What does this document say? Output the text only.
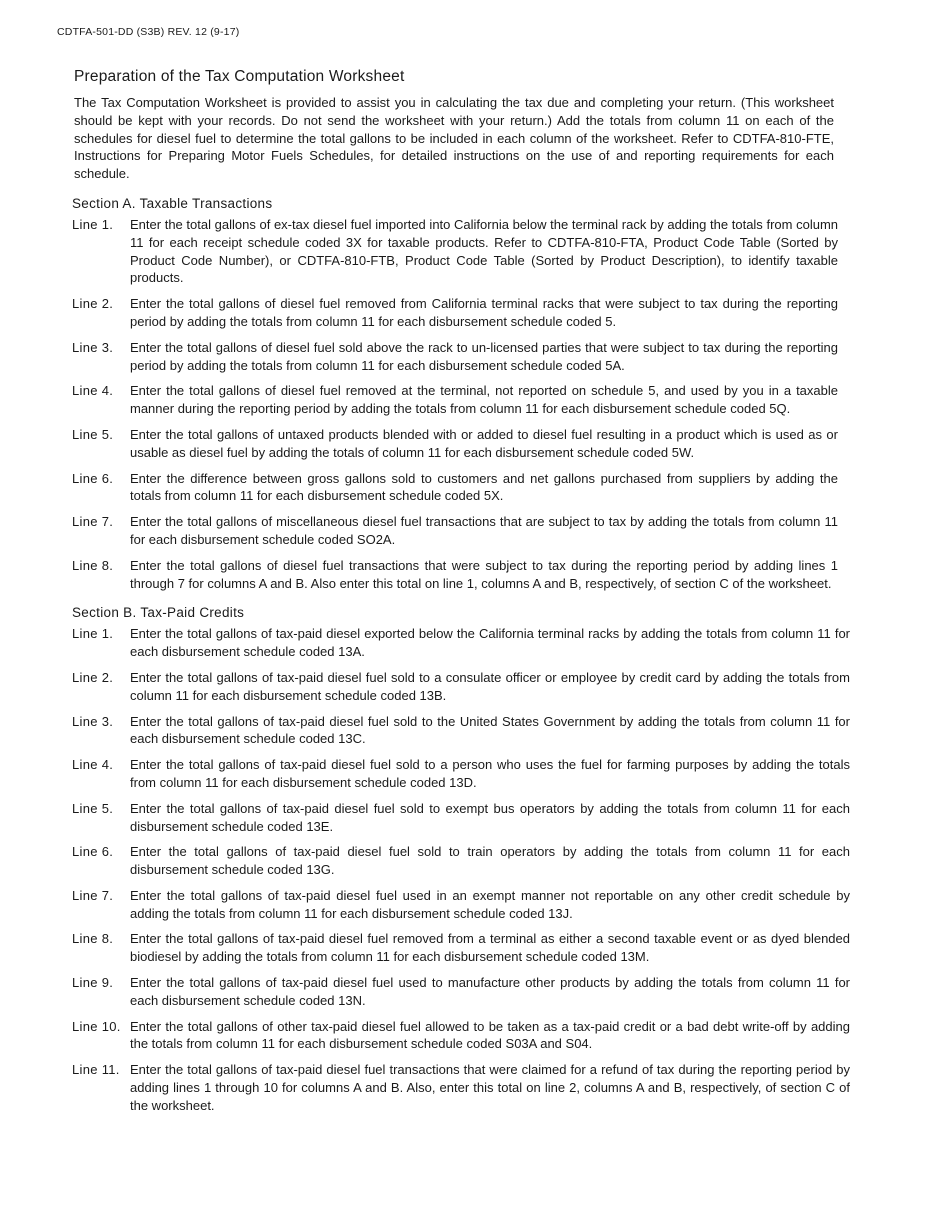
CDTFA-501-DD (S3B) REV. 12 (9-17)
Preparation of the Tax Computation Worksheet

The Tax Computation Worksheet is provided to assist you in calculating the tax due and completing your return. (This worksheet should be kept with your records. Do not send the worksheet with your return.) Add the totals from column 11 on each of the schedules for diesel fuel to determine the total gallons to be included in each column of the worksheet. Refer to CDTFA-810-FTE, Instructions for Preparing Motor Fuels Schedules, for detailed instructions on the use of and reporting requirements for each schedule.

Section A. Taxable Transactions
Line 1.	Enter the total gallons of ex-tax diesel fuel imported into California below the terminal rack by adding the totals from column 11 for each receipt schedule coded 3X for taxable products. Refer to CDTFA-810-FTA, Product Code Table (Sorted by Product Code Number), or CDTFA-810-FTB, Product Code Table (Sorted by Product Description), to identify taxable products.
Line 2.	Enter the total gallons of diesel fuel removed from California terminal racks that were subject to tax during the reporting period by adding the totals from column 11 for each disbursement schedule coded 5.
Line 3.	Enter the total gallons of diesel fuel sold above the rack to un-licensed parties that were subject to tax during the reporting period by adding the totals from column 11 for each disbursement schedule coded 5A.
Line 4.	Enter the total gallons of diesel fuel removed at the terminal, not reported on schedule 5, and used by you in a taxable manner during the reporting period by adding the totals from column 11 for each disbursement schedule coded 5Q.
Line 5.	Enter the total gallons of untaxed products blended with or added to diesel fuel resulting in a product which is used as or usable as diesel fuel by adding the totals of column 11 for each disbursement schedule coded 5W.
Line 6.	Enter the difference between gross gallons sold to customers and net gallons purchased from suppliers by adding the totals from column 11 for each disbursement schedule coded 5X.
Line 7.	Enter the total gallons of miscellaneous diesel fuel transactions that are subject to tax by adding the totals from column 11 for each disbursement schedule coded SO2A.
Line 8.	Enter the total gallons of diesel fuel transactions that were subject to tax during the reporting period by adding lines 1 through 7 for columns A and B. Also enter this total on line 1, columns A and B, respectively, of section C of the worksheet.
Section B. Tax-Paid Credits
Line 1.	Enter the total gallons of tax-paid diesel exported below the California terminal racks by adding the totals from column 11 for each disbursement schedule coded 13A.
Line 2.	Enter the total gallons of tax-paid diesel fuel sold to a consulate officer or employee by credit card by adding the totals from column 11 for each disbursement schedule coded 13B.
Line 3.	Enter the total gallons of tax-paid diesel fuel sold to the United States Government by adding the totals from column 11 for each disbursement schedule coded 13C.
Line 4.	Enter the total gallons of tax-paid diesel fuel sold to a person who uses the fuel for farming purposes by adding the totals from column 11 for each disbursement schedule coded 13D.
Line 5.	Enter the total gallons of tax-paid diesel fuel sold to exempt bus operators by adding the totals from column 11 for each disbursement schedule coded 13E.
Line 6.	Enter the total gallons of tax-paid diesel fuel sold to train operators by adding the totals from column 11 for each disbursement schedule coded 13G.
Line 7.	Enter the total gallons of tax-paid diesel fuel used in an exempt manner not reportable on any other credit schedule by adding the totals from column 11 for each disbursement schedule coded 13J.
Line 8.	Enter the total gallons of tax-paid diesel fuel removed from a terminal as either a second taxable event or as dyed blended biodiesel by adding the totals from column 11 for each disbursement schedule coded 13M.
Line 9.	Enter the total gallons of tax-paid diesel fuel used to manufacture other products by adding the totals from column 11 for each disbursement schedule coded 13N.
Line 10. Enter the total gallons of other tax-paid diesel fuel allowed to be taken as a tax-paid credit or a bad debt write-off by adding the totals from column 11 for each disbursement schedule coded S03A and S04.
Line 11. Enter the total gallons of tax-paid diesel fuel transactions that were claimed for a refund of tax during the reporting period by adding lines 1 through 10 for columns A and B. Also, enter this total on line 2, columns A and B, respectively, of section C of the worksheet.
